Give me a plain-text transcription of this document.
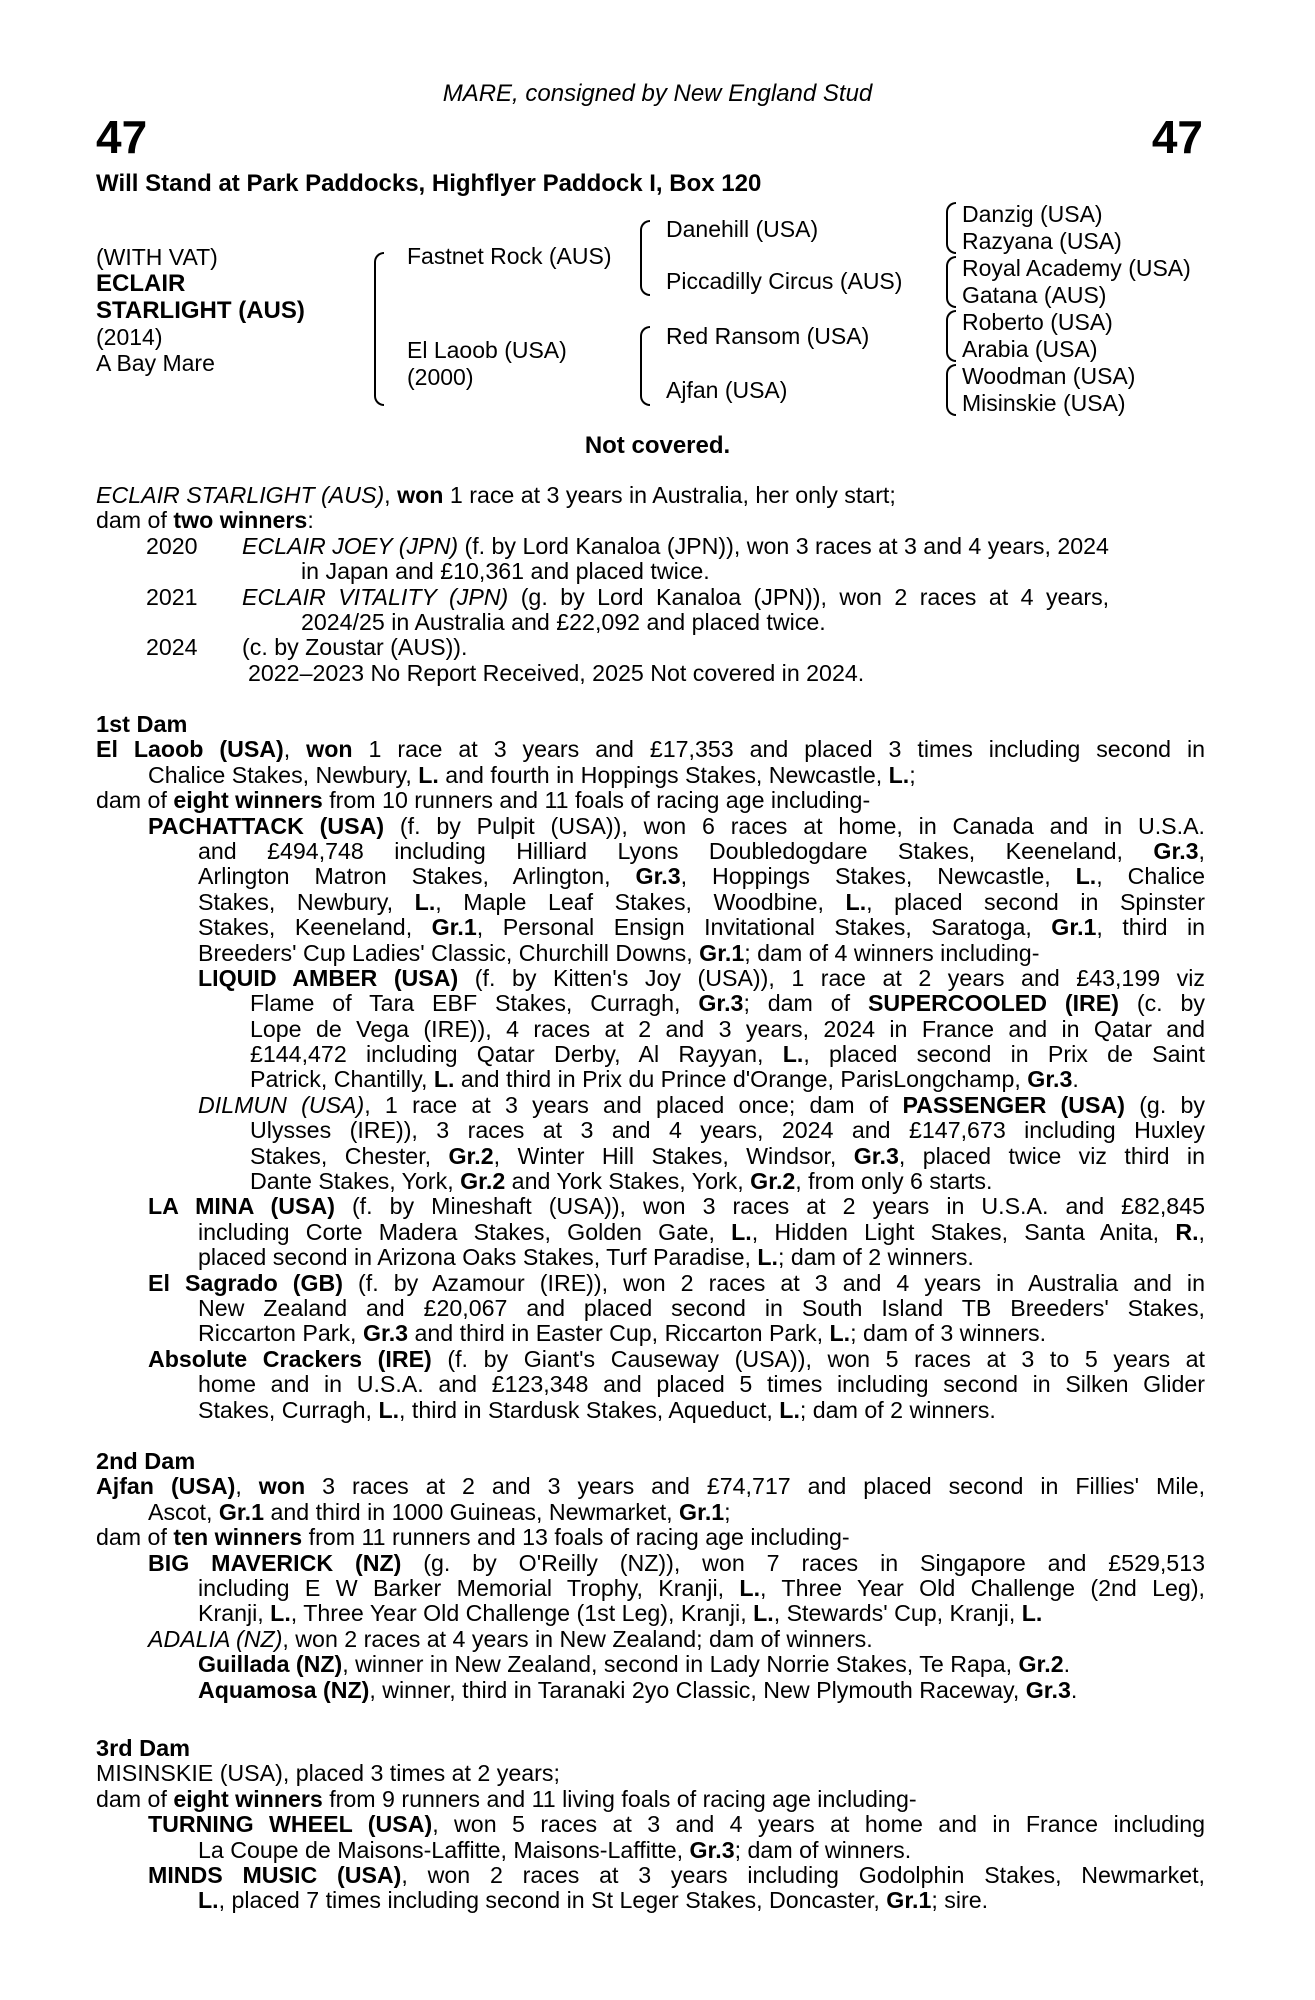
MARE, consigned by New England Stud
47	47
Will Stand at Park Paddocks, Highflyer Paddock I, Box 120
(WITH VAT)
ECLAIR
STARLIGHT (AUS)
(2014)
A Bay Mare
Fastnet Rock (AUS)
El Laoob (USA)
(2000)
Danehill (USA)
Piccadilly Circus (AUS)
Red Ransom (USA)
Ajfan (USA)
Danzig (USA)
Razyana (USA)
Royal Academy (USA)
Gatana (AUS)
Roberto (USA)
Arabia (USA)
Woodman (USA)
Misinskie (USA)
Not covered.
ECLAIR STARLIGHT (AUS), won 1 race at 3 years in Australia, her only start;
dam of two winners:
2020 ECLAIR JOEY (JPN) (f. by Lord Kanaloa (JPN)), won 3 races at 3 and 4 years, 2024
in Japan and £10,361 and placed twice.
2021 ECLAIR VITALITY (JPN) (g. by Lord Kanaloa (JPN)), won 2 races at 4 years,
2024/25 in Australia and £22,092 and placed twice.
2024 (c. by Zoustar (AUS)).
2022–2023 No Report Received, 2025 Not covered in 2024.
1st Dam
El Laoob (USA), won 1 race at 3 years and £17,353 and placed 3 times including second in
Chalice Stakes, Newbury, L. and fourth in Hoppings Stakes, Newcastle, L.;
dam of eight winners from 10 runners and 11 foals of racing age including-
PACHATTACK (USA) (f. by Pulpit (USA)), won 6 races at home, in Canada and in U.S.A.
and £494,748 including Hilliard Lyons Doubledogdare Stakes, Keeneland, Gr.3,
Arlington Matron Stakes, Arlington, Gr.3, Hoppings Stakes, Newcastle, L., Chalice
Stakes, Newbury, L., Maple Leaf Stakes, Woodbine, L., placed second in Spinster
Stakes, Keeneland, Gr.1, Personal Ensign Invitational Stakes, Saratoga, Gr.1, third in
Breeders' Cup Ladies' Classic, Churchill Downs, Gr.1; dam of 4 winners including-
LIQUID AMBER (USA) (f. by Kitten's Joy (USA)), 1 race at 2 years and £43,199 viz
Flame of Tara EBF Stakes, Curragh, Gr.3; dam of SUPERCOOLED (IRE) (c. by
Lope de Vega (IRE)), 4 races at 2 and 3 years, 2024 in France and in Qatar and
£144,472 including Qatar Derby, Al Rayyan, L., placed second in Prix de Saint
Patrick, Chantilly, L. and third in Prix du Prince d'Orange, ParisLongchamp, Gr.3.
DILMUN (USA), 1 race at 3 years and placed once; dam of PASSENGER (USA) (g. by
Ulysses (IRE)), 3 races at 3 and 4 years, 2024 and £147,673 including Huxley
Stakes, Chester, Gr.2, Winter Hill Stakes, Windsor, Gr.3, placed twice viz third in
Dante Stakes, York, Gr.2 and York Stakes, York, Gr.2, from only 6 starts.
LA MINA (USA) (f. by Mineshaft (USA)), won 3 races at 2 years in U.S.A. and £82,845
including Corte Madera Stakes, Golden Gate, L., Hidden Light Stakes, Santa Anita, R.,
placed second in Arizona Oaks Stakes, Turf Paradise, L.; dam of 2 winners.
El Sagrado (GB) (f. by Azamour (IRE)), won 2 races at 3 and 4 years in Australia and in
New Zealand and £20,067 and placed second in South Island TB Breeders' Stakes,
Riccarton Park, Gr.3 and third in Easter Cup, Riccarton Park, L.; dam of 3 winners.
Absolute Crackers (IRE) (f. by Giant's Causeway (USA)), won 5 races at 3 to 5 years at
home and in U.S.A. and £123,348 and placed 5 times including second in Silken Glider
Stakes, Curragh, L., third in Stardusk Stakes, Aqueduct, L.; dam of 2 winners.
2nd Dam
Ajfan (USA), won 3 races at 2 and 3 years and £74,717 and placed second in Fillies' Mile,
Ascot, Gr.1 and third in 1000 Guineas, Newmarket, Gr.1;
dam of ten winners from 11 runners and 13 foals of racing age including-
BIG MAVERICK (NZ) (g. by O'Reilly (NZ)), won 7 races in Singapore and £529,513
including E W Barker Memorial Trophy, Kranji, L., Three Year Old Challenge (2nd Leg),
Kranji, L., Three Year Old Challenge (1st Leg), Kranji, L., Stewards' Cup, Kranji, L.
ADALIA (NZ), won 2 races at 4 years in New Zealand; dam of winners.
Guillada (NZ), winner in New Zealand, second in Lady Norrie Stakes, Te Rapa, Gr.2.
Aquamosa (NZ), winner, third in Taranaki 2yo Classic, New Plymouth Raceway, Gr.3.
3rd Dam
MISINSKIE (USA), placed 3 times at 2 years;
dam of eight winners from 9 runners and 11 living foals of racing age including-
TURNING WHEEL (USA), won 5 races at 3 and 4 years at home and in France including
La Coupe de Maisons-Laffitte, Maisons-Laffitte, Gr.3; dam of winners.
MINDS MUSIC (USA), won 2 races at 3 years including Godolphin Stakes, Newmarket,
L., placed 7 times including second in St Leger Stakes, Doncaster, Gr.1; sire.
